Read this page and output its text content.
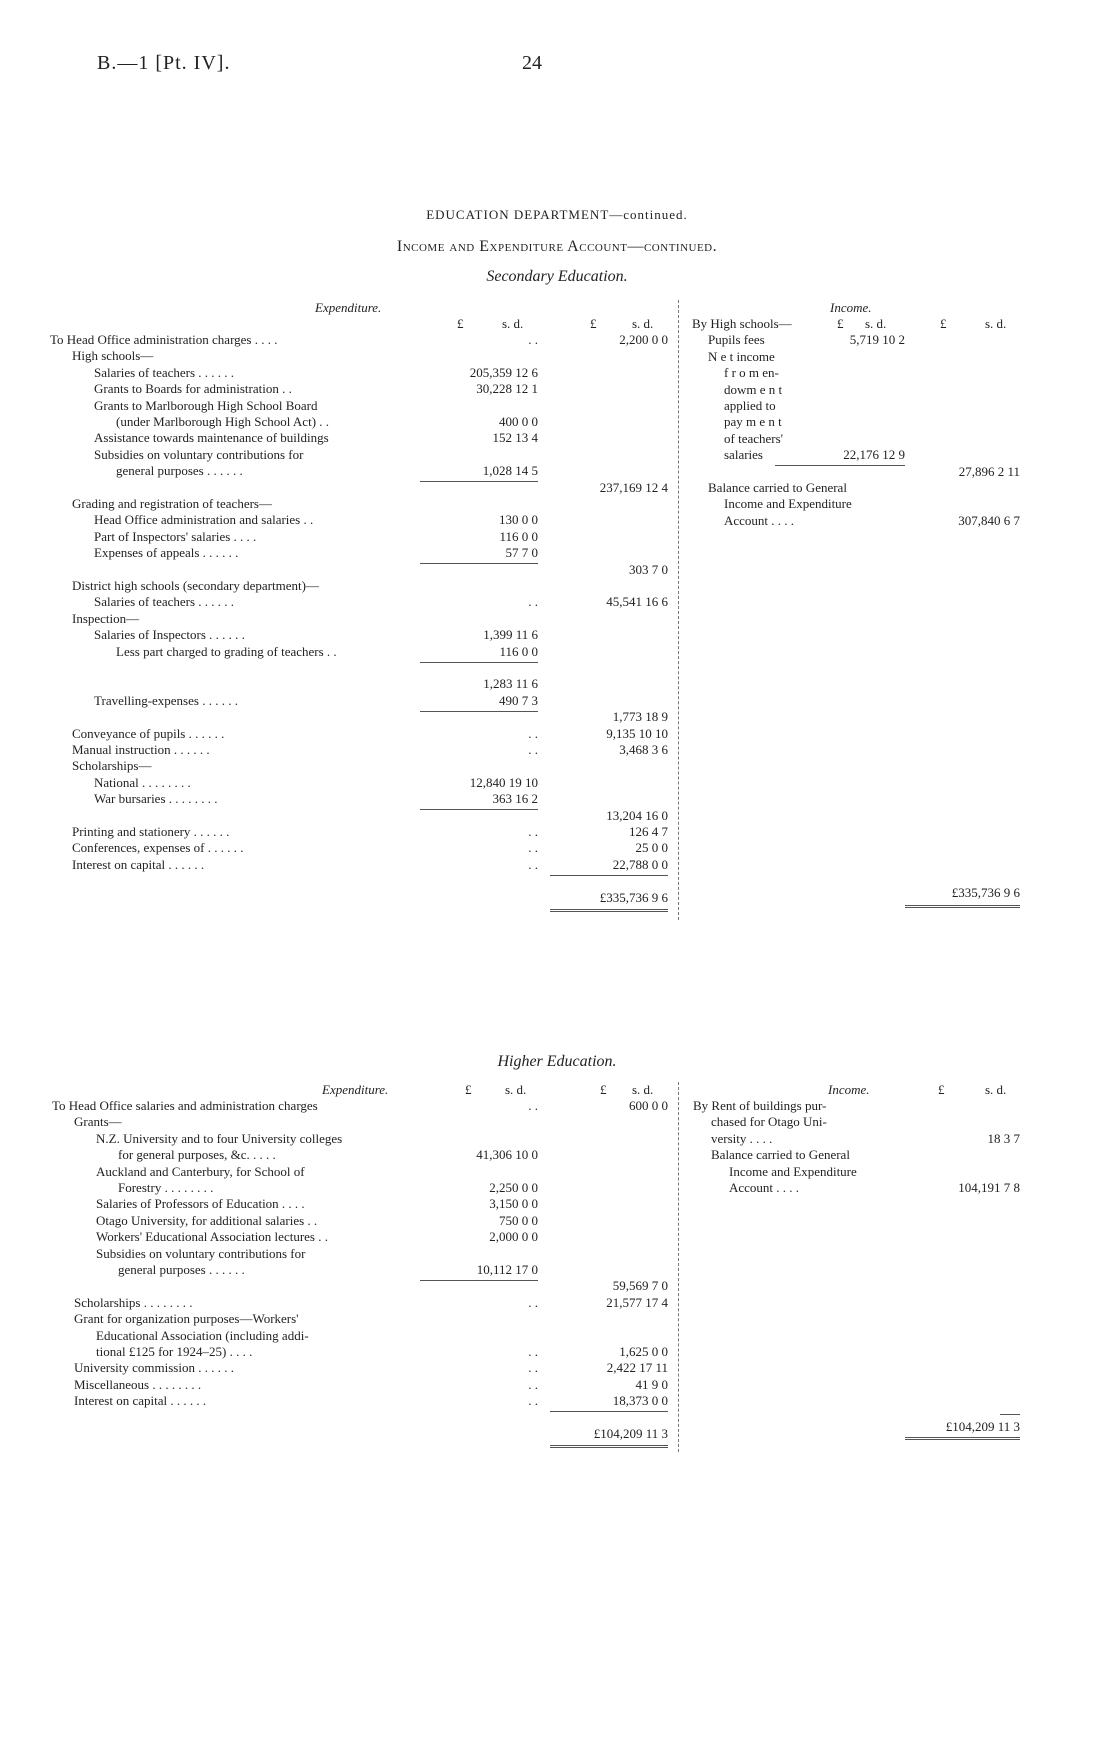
B.—1 [Pt. IV].	24
EDUCATION DEPARTMENT—continued.
Income and Expenditure Account—continued.
Secondary Education.
Expenditure.
£	s. d.	£	s. d.
Income.
£ s. d.	£	s. d.
To Head Office administration charges . . . .	. .	2,200 0 0
High schools—
Salaries of teachers . . . . . .	205,359 12 6
Grants to Boards for administration . .	30,228 12 1
Grants to Marlborough High School Board
(under Marlborough High School Act) . .	400 0 0
Assistance towards maintenance of buildings	152 13 4
Subsidies on voluntary contributions for
general purposes . . . . . .	1,028 14 5
237,169 12 4
Grading and registration of teachers—
Head Office administration and salaries . .	130 0 0
Part of Inspectors' salaries . . . .	116 0 0
Expenses of appeals . . . . . .	57 7 0
303 7 0
District high schools (secondary department)—
Salaries of teachers . . . . . .	. .	45,541 16 6
Inspection—
Salaries of Inspectors . . . . . .	1,399 11 6
Less part charged to grading of teachers . .	116 0 0
1,283 11 6
Travelling-expenses . . . . . .	490 7 3
1,773 18 9
Conveyance of pupils . . . . . .	. .	9,135 10 10
Manual instruction . . . . . .	. .	3,468 3 6
Scholarships—
National . . . . . . . .	12,840 19 10
War bursaries . . . . . . . .	363 16 2
13,204 16 0
Printing and stationery . . . . . .	. .	126 4 7
Conferences, expenses of . . . . . .	. .	25 0 0
Interest on capital . . . . . .	. .	22,788 0 0
£335,736 9 6
By High schools—
Pupils fees	5,719 10 2
N e t income
f r o m en-
dowm e n t
applied to
pay m e n t
of teachers'
salaries	22,176 12 9
27,896 2 11
Balance carried to General
Income and Expenditure
Account . . . .	307,840 6 7
£335,736 9 6
Higher Education.
Expenditure.	£	s. d.	£ s. d.	Income.	£	s. d.
To Head Office salaries and administration charges	. .	600 0 0
Grants—
N.Z. University and to four University colleges
for general purposes, &c. . . . .	41,306 10 0
Auckland and Canterbury, for School of
Forestry . . . . . . . .	2,250 0 0
Salaries of Professors of Education . . . .	3,150 0 0
Otago University, for additional salaries . .	750 0 0
Workers' Educational Association lectures . .	2,000 0 0
Subsidies on voluntary contributions for
general purposes . . . . . .	10,112 17 0
59,569 7 0
Scholarships . . . . . . . .	. .	21,577 17 4
Grant for organization purposes—Workers'
Educational Association (including addi-
tional £125 for 1924–25) . . . .	. .	1,625 0 0
University commission . . . . . .	. .	2,422 17 11
Miscellaneous . . . . . . . .	. .	41 9 0
Interest on capital . . . . . .	. .	18,373 0 0
£104,209 11 3
By Rent of buildings pur-
chased for Otago Uni-
versity . . . .	18 3 7
Balance carried to General
Income and Expenditure
Account . . . .	104,191 7 8
£104,209 11 3
